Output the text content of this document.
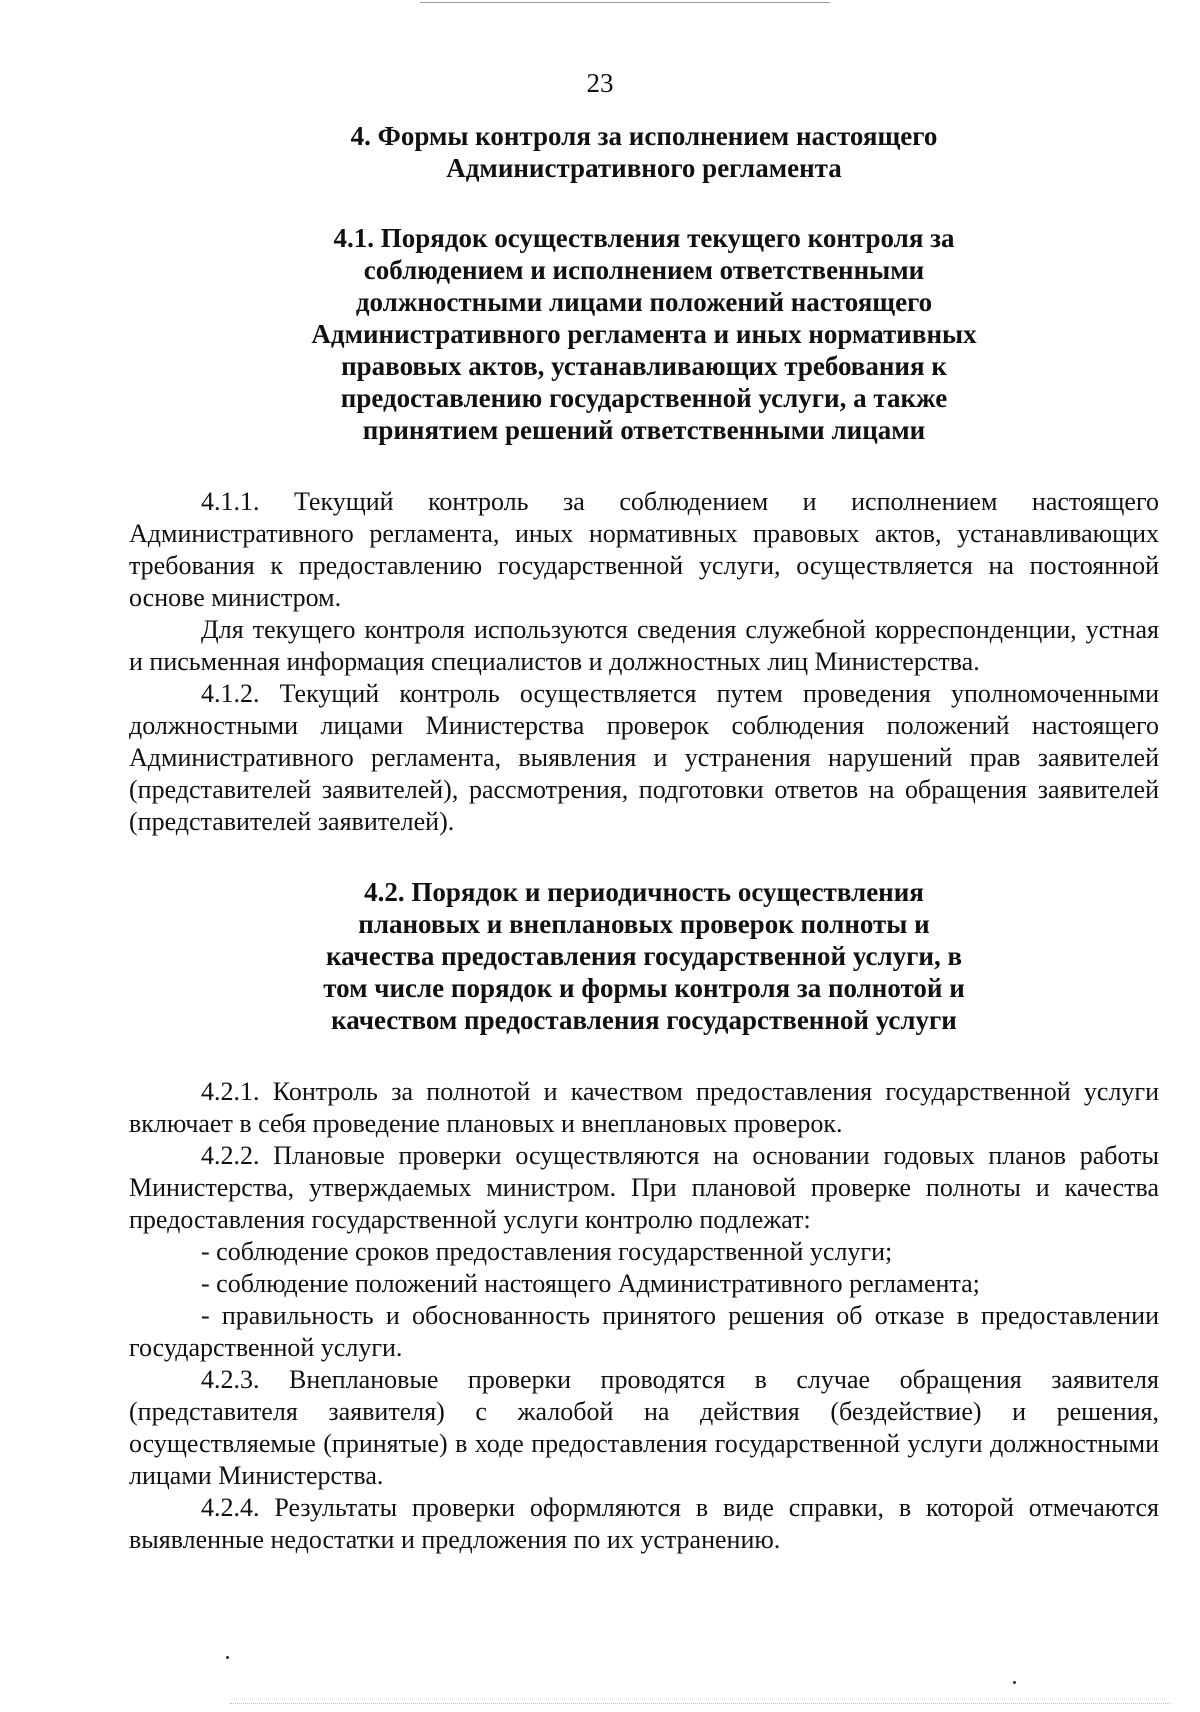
23
4. Формы контроля за исполнением настоящего
Административного регламента
4.1. Порядок осуществления текущего контроля за
соблюдением и исполнением ответственными
должностными лицами положений настоящего
Административного регламента и иных нормативных
правовых актов, устанавливающих требования к
предоставлению государственной услуги, а также
принятием решений ответственными лицами

4.1.1. Текущий контроль за соблюдением и исполнением настоящего Административного регламента, иных нормативных правовых актов, устанавливающих требования к предоставлению государственной услуги, осуществляется на постоянной основе министром.

Для текущего контроля используются сведения служебной корреспонденции, устная и письменная информация специалистов и должностных лиц Министерства.

4.1.2. Текущий контроль осуществляется путем проведения уполномоченными должностными лицами Министерства проверок соблюдения положений настоящего Административного регламента, выявления и устранения нарушений прав заявителей (представителей заявителей), рассмотрения, подготовки ответов на обращения заявителей (представителей заявителей).

4.2. Порядок и периодичность осуществления
плановых и внеплановых проверок полноты и
качества предоставления государственной услуги, в
том числе порядок и формы контроля за полнотой и
качеством предоставления государственной услуги

4.2.1. Контроль за полнотой и качеством предоставления государственной услуги включает в себя проведение плановых и внеплановых проверок.

4.2.2. Плановые проверки осуществляются на основании годовых планов работы Министерства, утверждаемых министром. При плановой проверке полноты и качества предоставления государственной услуги контролю подлежат:

- соблюдение сроков предоставления государственной услуги;

- соблюдение положений настоящего Административного регламента;

- правильность и обоснованность принятого решения об отказе в предоставлении государственной услуги.

4.2.3. Внеплановые проверки проводятся в случае обращения заявителя (представителя заявителя) с жалобой на действия (бездействие) и решения, осуществляемые (принятые) в ходе предоставления государственной услуги должностными лицами Министерства.

4.2.4. Результаты проверки оформляются в виде справки, в которой отмечаются выявленные недостатки и предложения по их устранению.
